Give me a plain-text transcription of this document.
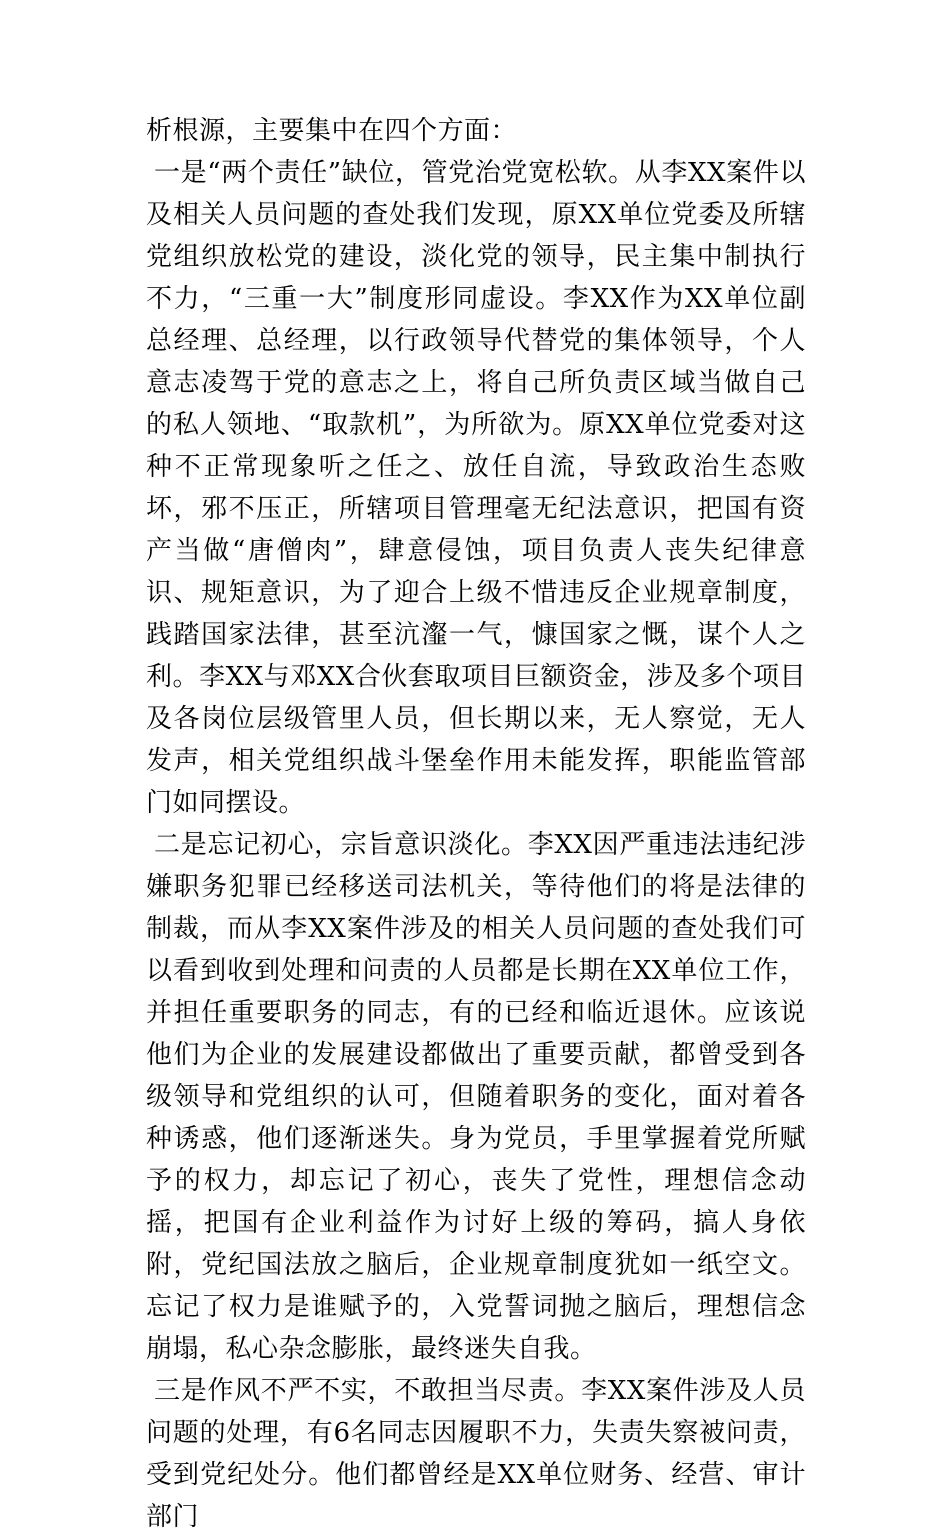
析根源，主要集中在四个方面：

一是“两个责任”缺位，管党治党宽松软。从李XX案件以及相关人员问题的查处我们发现，原XX单位党委及所辖党组织放松党的建设，淡化党的领导，民主集中制执行不力，“三重一大”制度形同虚设。李XX作为XX单位副总经理、总经理，以行政领导代替党的集体领导，个人意志凌驾于党的意志之上，将自己所负责区域当做自己的私人领地、“取款机”，为所欲为。原XX单位党委对这种不正常现象听之任之、放任自流，导致政治生态败坏，邪不压正，所辖项目管理毫无纪法意识，把国有资产当做“唐僧肉”，肆意侵蚀，项目负责人丧失纪律意识、规矩意识，为了迎合上级不惜违反企业规章制度，践踏国家法律，甚至沆瀣一气，慷国家之慨，谋个人之利。李XX与邓XX合伙套取项目巨额资金，涉及多个项目及各岗位层级管里人员，但长期以来，无人察觉，无人发声，相关党组织战斗堡垒作用未能发挥，职能监管部门如同摆设。

二是忘记初心，宗旨意识淡化。李XX因严重违法违纪涉嫌职务犯罪已经移送司法机关，等待他们的将是法律的制裁，而从李XX案件涉及的相关人员问题的查处我们可以看到收到处理和问责的人员都是长期在XX单位工作，并担任重要职务的同志，有的已经和临近退休。应该说他们为企业的发展建设都做出了重要贡献，都曾受到各级领导和党组织的认可，但随着职务的变化，面对着各种诱惑，他们逐渐迷失。身为党员，手里掌握着党所赋予的权力，却忘记了初心，丧失了党性，理想信念动摇，把国有企业利益作为讨好上级的筹码，搞人身依附，党纪国法放之脑后，企业规章制度犹如一纸空文。忘记了权力是谁赋予的，入党誓词抛之脑后，理想信念崩塌，私心杂念膨胀，最终迷失自我。

三是作风不严不实，不敢担当尽责。李XX案件涉及人员问题的处理，有6名同志因履职不力，失责失察被问责，受到党纪处分。他们都曾经是XX单位财务、经营、审计部门
